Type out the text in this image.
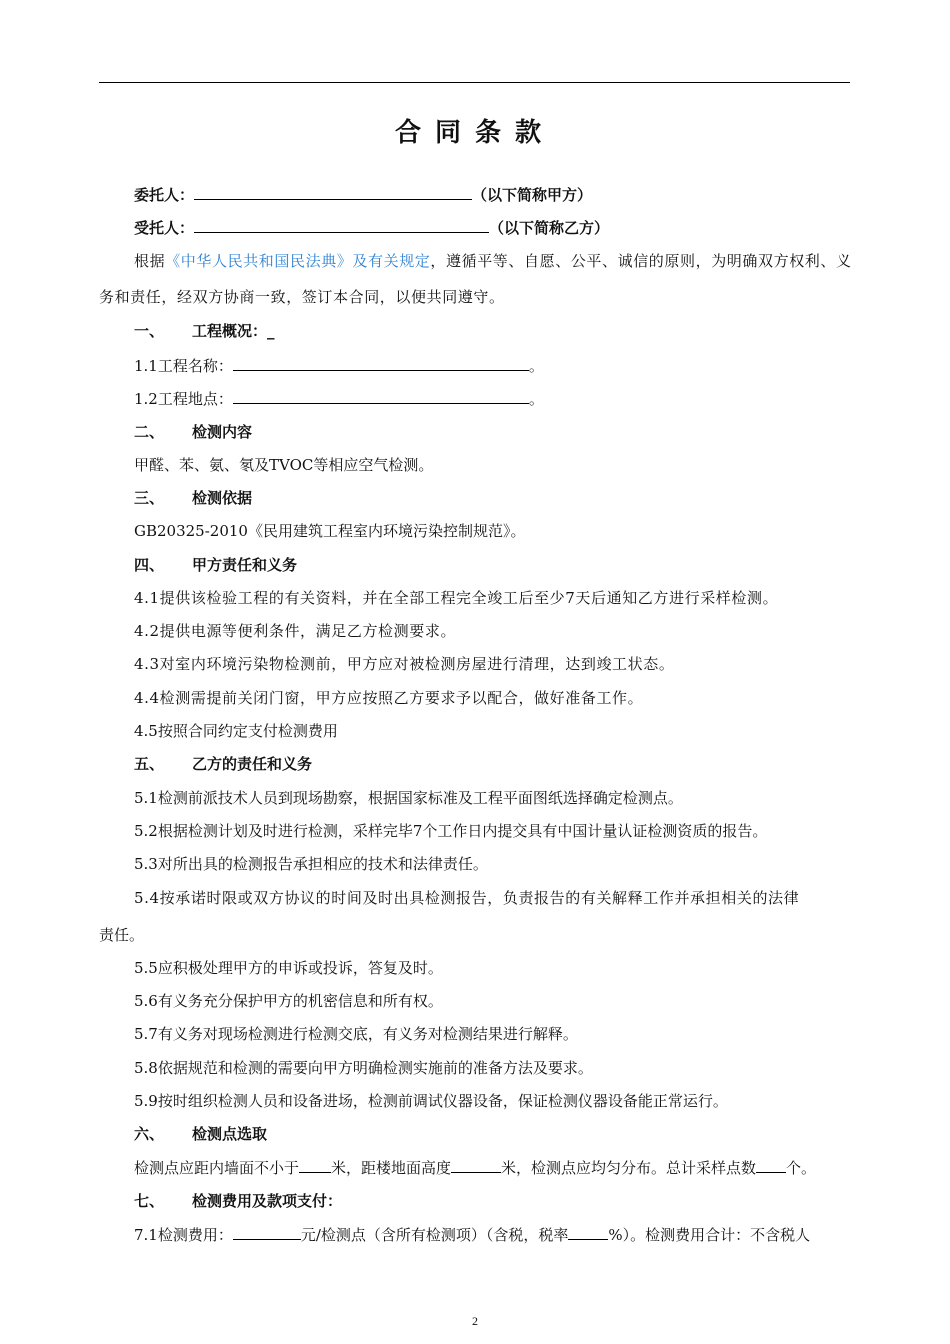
合同条款
委托人：	（以下简称甲方）
受托人：	（以下简称乙方）
根据《中华人民共和国民法典》及有关规定，遵循平等、自愿、公平、诚信的原则，为明确双方权利、义
务和责任，经双方协商一致，签订本合同，以便共同遵守。
一、 工程概况：_
1.1工程名称：	。
1.2工程地点：	。
二、 检测内容
甲醛、苯、氨、氡及TVOC等相应空气检测。
三、 检测依据
GB20325-2010《民用建筑工程室内环境污染控制规范》。
四、 甲方责任和义务
4.1提供该检验工程的有关资料，并在全部工程完全竣工后至少7天后通知乙方进行采样检测。
4.2提供电源等便利条件，满足乙方检测要求。
4.3对室内环境污染物检测前，甲方应对被检测房屋进行清理，达到竣工状态。
4.4检测需提前关闭门窗，甲方应按照乙方要求予以配合，做好准备工作。
4.5按照合同约定支付检测费用
五、 乙方的责任和义务
5.1检测前派技术人员到现场勘察，根据国家标准及工程平面图纸选择确定检测点。
5.2根据检测计划及时进行检测，采样完毕7个工作日内提交具有中国计量认证检测资质的报告。
5.3对所出具的检测报告承担相应的技术和法律责任。
5.4按承诺时限或双方协议的时间及时出具检测报告，负责报告的有关解释工作并承担相关的法律
责任。
5.5应积极处理甲方的申诉或投诉，答复及时。
5.6有义务充分保护甲方的机密信息和所有权。
5.7有义务对现场检测进行检测交底，有义务对检测结果进行解释。
5.8依据规范和检测的需要向甲方明确检测实施前的准备方法及要求。
5.9按时组织检测人员和设备进场，检测前调试仪器设备，保证检测仪器设备能正常运行。
六、 检测点选取
检测点应距内墙面不小于 米，距楼地面高度	米，检测点应均匀分布。总计采样点数 个。
七、 检测费用及款项支付：
7.1检测费用：	元/检测点（含所有检测项）（含税，税率	%）。检测费用合计：不含税人
2
